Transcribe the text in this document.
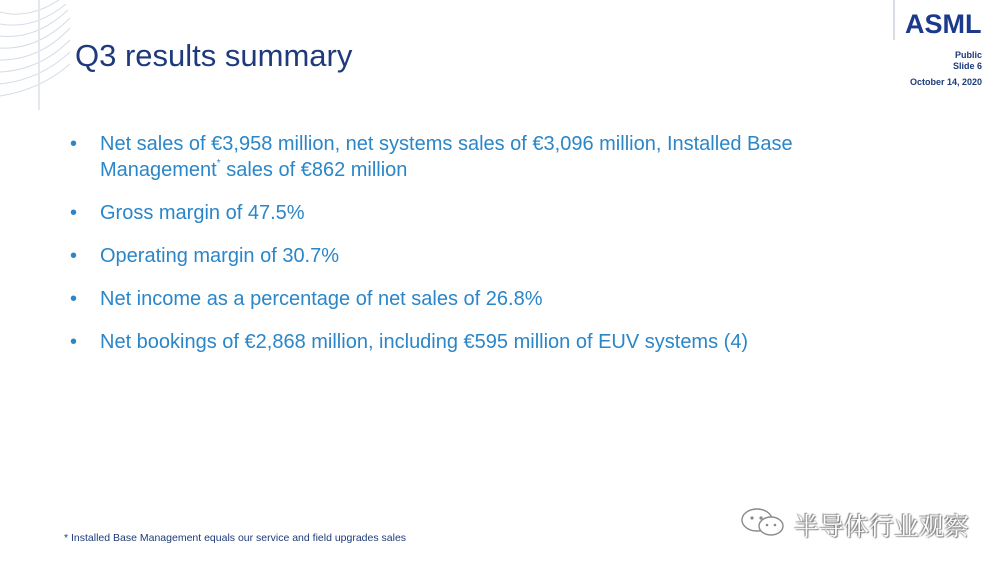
ASML
Public
Slide 6
October 14, 2020
Q3 results summary
• Net sales of €3,958 million, net systems sales of €3,096 million, Installed Base Management* sales of €862 million
• Gross margin of 47.5%
• Operating margin of 30.7%
• Net income as a percentage of net sales of 26.8%
• Net bookings of €2,868 million, including €595 million of EUV systems (4)
半导体行业观察
* Installed Base Management equals our service and field upgrades sales
